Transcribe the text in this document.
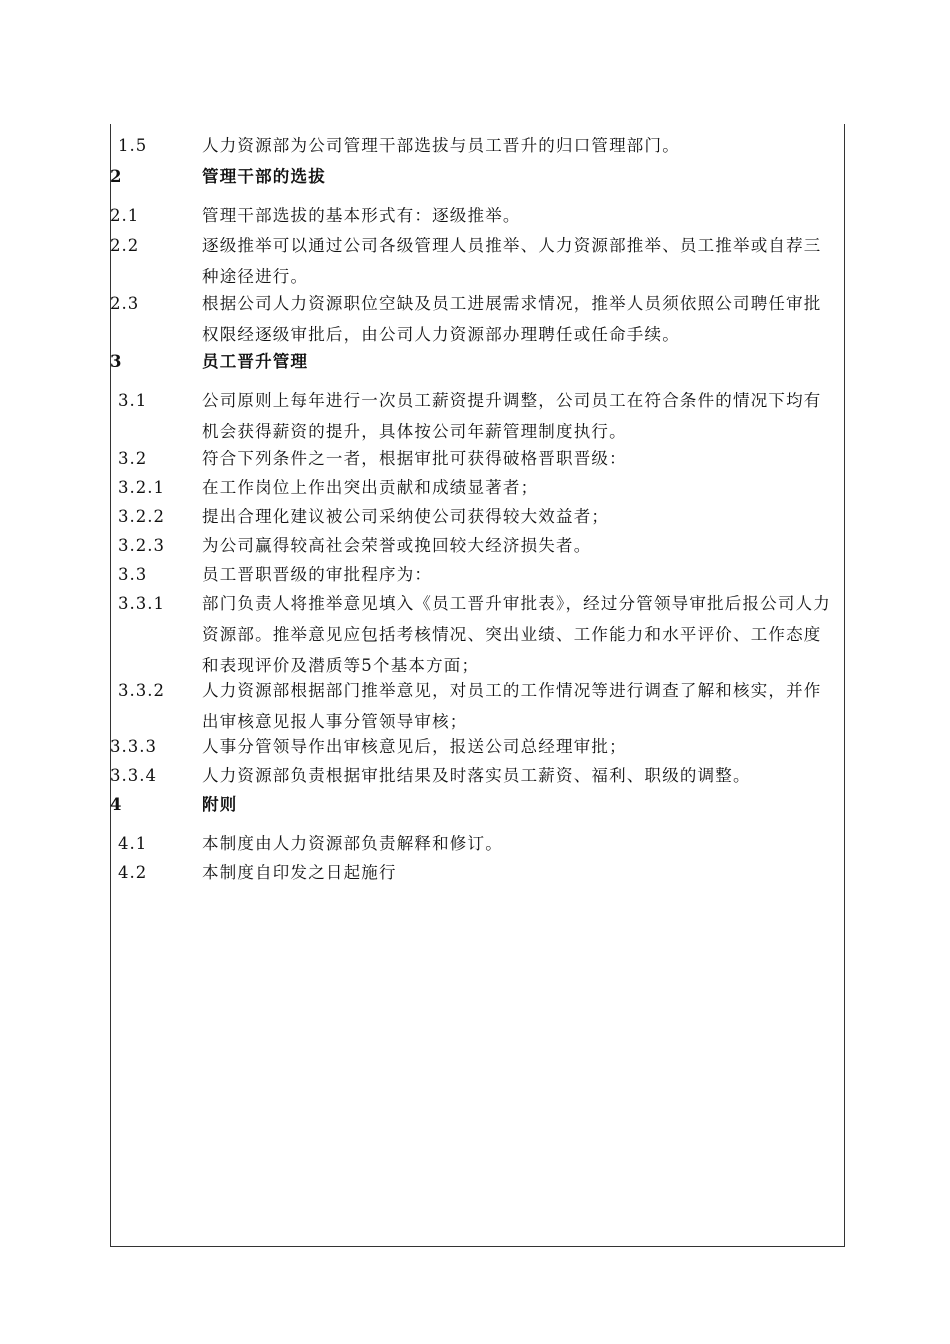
1.5	人力资源部为公司管理干部选拔与员工晋升的归口管理部门。
2	管理干部的选拔
2.1	管理干部选拔的基本形式有：逐级推举。
2.2	逐级推举可以通过公司各级管理人员推举、人力资源部推举、员工推举或自荐三种途径进行。
2.3	根据公司人力资源职位空缺及员工进展需求情况，推举人员须依照公司聘任审批权限经逐级审批后，由公司人力资源部办理聘任或任命手续。
3	员工晋升管理
3.1	公司原则上每年进行一次员工薪资提升调整，公司员工在符合条件的情况下均有机会获得薪资的提升，具体按公司年薪管理制度执行。
3.2	符合下列条件之一者，根据审批可获得破格晋职晋级：
3.2.1 在工作岗位上作出突出贡献和成绩显著者；
3.2.2 提出合理化建议被公司采纳使公司获得较大效益者；
3.2.3 为公司赢得较高社会荣誉或挽回较大经济损失者。
3.3	员工晋职晋级的审批程序为：
3.3.1 部门负责人将推举意见填入《员工晋升审批表》，经过分管领导审批后报公司人力资源部。推举意见应包括考核情况、突出业绩、工作能力和水平评价、工作态度和表现评价及潜质等5个基本方面；
3.3.2 人力资源部根据部门推举意见，对员工的工作情况等进行调查了解和核实，并作出审核意见报人事分管领导审核；
3.3.3	人事分管领导作出审核意见后，报送公司总经理审批；
3.3.4	人力资源部负责根据审批结果及时落实员工薪资、福利、职级的调整。
4	附则
4.1	本制度由人力资源部负责解释和修订。
4.2	本制度自印发之日起施行
